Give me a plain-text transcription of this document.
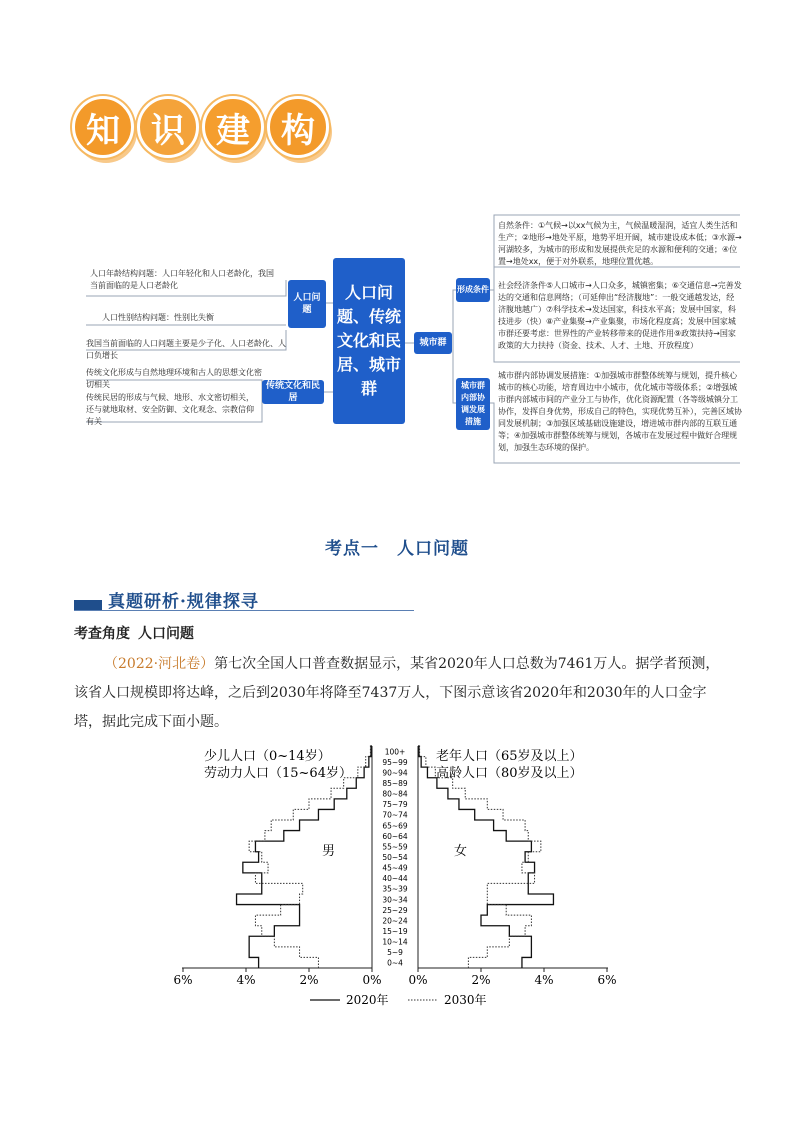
知 识 建 构
人口年龄结构问题：人口年轻化和人口老龄化，我国当前面临的是人口老龄化
人口性别结构问题：性别比失衡
我国当前面临的人口问题主要是少子化、人口老龄化、人口负增长
传统文化形成与自然地理环境和古人的思想文化密切相关
传统民居的形成与气候、地形、水文密切相关，还与就地取材、安全防御、文化观念、宗教信仰有关
人口问题
传统文化和民居
人口问题、传统文化和民居、城市群
城市群
形成条件
城市群内部协调发展措施
自然条件：①气候→以xx气候为主，气候温暖湿润，适宜人类生活和生产；②地形→地处平原，地势平坦开阔，城市建设成本低；③水源→河湖较多，为城市的形成和发展提供充足的水源和便利的交通；④位置→地处xx，便于对外联系，地理位置优越。
社会经济条件⑤人口城市→人口众多，城镇密集；⑥交通信息→完善发达的交通和信息网络；（可延伸出“经济腹地”：一般交通越发达，经济腹地越广）⑦科学技术→发达国家，科技水平高；发展中国家，科技进步（快）⑧产业集聚→产业集聚，市场化程度高；发展中国家城市群还要考虑：世界性的产业转移带来的促进作用⑨政策扶持→国家政策的大力扶持（资金、技术、人才、土地、开放程度）
城市群内部协调发展措施：①加强城市群整体统筹与规划，提升核心城市的核心功能，培育周边中小城市，优化城市等级体系；②增强城市群内部城市间的产业分工与协作，优化资源配置（各等级城镇分工协作，发挥自身优势，形成自己的特色，实现优势互补），完善区域协同发展机制；③加强区域基础设施建设，增进城市群内部的互联互通等；④加强城市群整体统筹与规划，各城市在发展过程中做好合理规划，加强生态环境的保护。
考点一　人口问题
真题研析·规律探寻
考查角度 人口问题
（2022·河北卷）第七次全国人口普查数据显示，某省2020年人口总数为7461万人。据学者预测，该省人口规模即将达峰，之后到2030年将降至7437万人，下图示意该省2020年和2030年的人口金字塔，据此完成下面小题。
少儿人口（0~14岁）
劳动力人口（15~64岁）
老年人口（65岁及以上）
高龄人口（80岁及以上）
男	女
0~4
5~9
10~14
15~19
20~24
25~29
30~34
35~39
40~44
45~49
50~54
55~59
60~64
65~69
70~74
75~79
80~84
85~89
90~94
95~99
100+
6%	4%	2%	0% 0%	2%	4%	6%
2020年	2030年
